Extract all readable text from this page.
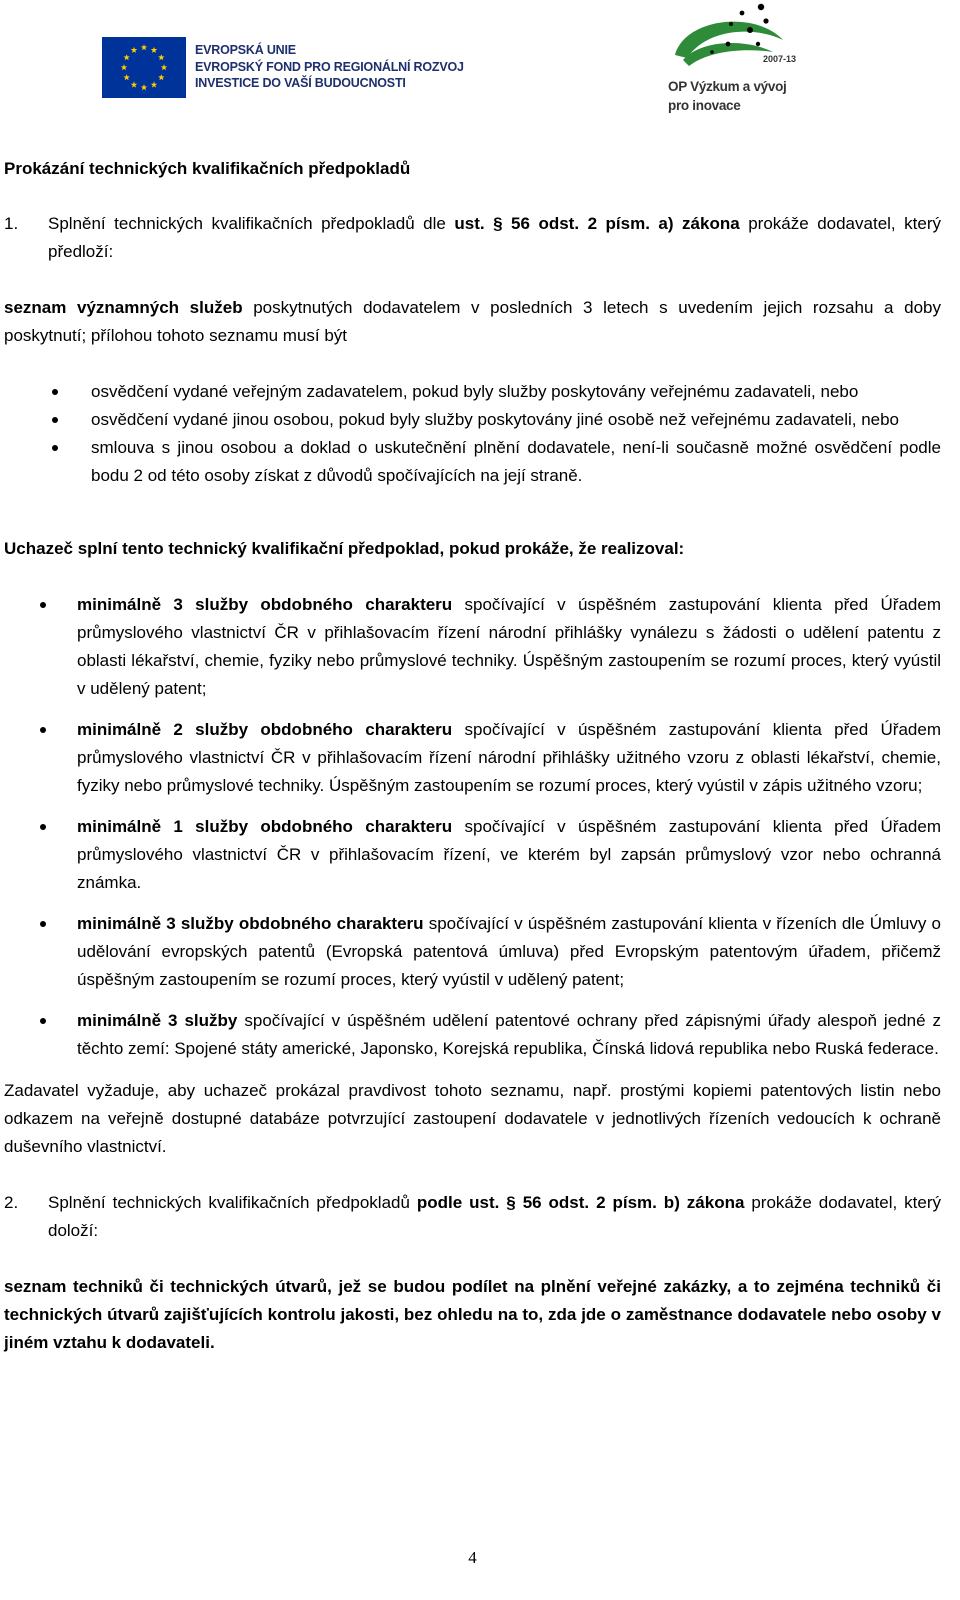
EVROPSKÁ UNIE
EVROPSKÝ FOND PRO REGIONÁLNÍ ROZVOJ
INVESTICE DO VAŠÍ BUDOUCNOSTI
2007-13
OP Výzkum a vývoj
pro inovace
Prokázání technických kvalifikačních předpokladů
1.	Splnění technických kvalifikačních předpokladů dle ust. § 56 odst. 2 písm. a) zákona prokáže dodavatel, který předloží:
seznam významných služeb poskytnutých dodavatelem v posledních 3 letech s uvedením jejich rozsahu a doby poskytnutí; přílohou tohoto seznamu musí být
osvědčení vydané veřejným zadavatelem, pokud byly služby poskytovány veřejnému zadavateli, nebo
osvědčení vydané jinou osobou, pokud byly služby poskytovány jiné osobě než veřejnému zadavateli, nebo
smlouva s jinou osobou a doklad o uskutečnění plnění dodavatele, není-li současně možné osvědčení podle bodu 2 od této osoby získat z důvodů spočívajících na její straně.
Uchazeč splní tento technický kvalifikační předpoklad, pokud prokáže, že realizoval:
minimálně 3 služby obdobného charakteru spočívající v úspěšném zastupování klienta před Úřadem průmyslového vlastnictví ČR v přihlašovacím řízení národní přihlášky vynálezu s žádosti o udělení patentu z oblasti lékařství, chemie, fyziky nebo průmyslové techniky. Úspěšným zastoupením se rozumí proces, který vyústil v udělený patent;
minimálně 2 služby obdobného charakteru spočívající v úspěšném zastupování klienta před Úřadem průmyslového vlastnictví ČR v přihlašovacím řízení národní přihlášky užitného vzoru z oblasti lékařství, chemie, fyziky nebo průmyslové techniky. Úspěšným zastoupením se rozumí proces, který vyústil v zápis užitného vzoru;
minimálně 1 služby obdobného charakteru spočívající v úspěšném zastupování klienta před Úřadem průmyslového vlastnictví ČR v přihlašovacím řízení, ve kterém byl zapsán průmyslový vzor nebo ochranná známka.
minimálně 3 služby obdobného charakteru spočívající v úspěšném zastupování klienta v řízeních dle Úmluvy o udělování evropských patentů (Evropská patentová úmluva) před Evropským patentovým úřadem, přičemž úspěšným zastoupením se rozumí proces, který vyústil v udělený patent;
minimálně 3 služby spočívající v úspěšném udělení patentové ochrany před zápisnými úřady alespoň jedné z těchto zemí: Spojené státy americké, Japonsko, Korejská republika, Čínská lidová republika nebo Ruská federace.
Zadavatel vyžaduje, aby uchazeč prokázal pravdivost tohoto seznamu, např. prostými kopiemi patentových listin nebo odkazem na veřejně dostupné databáze potvrzující zastoupení dodavatele v jednotlivých řízeních vedoucích k ochraně duševního vlastnictví.
2.	Splnění technických kvalifikačních předpokladů podle ust. § 56 odst. 2 písm. b) zákona prokáže dodavatel, který doloží:
seznam techniků či technických útvarů, jež se budou podílet na plnění veřejné zakázky, a to zejména techniků či technických útvarů zajišťujících kontrolu jakosti, bez ohledu na to, zda jde o zaměstnance dodavatele nebo osoby v jiném vztahu k dodavateli.
4
